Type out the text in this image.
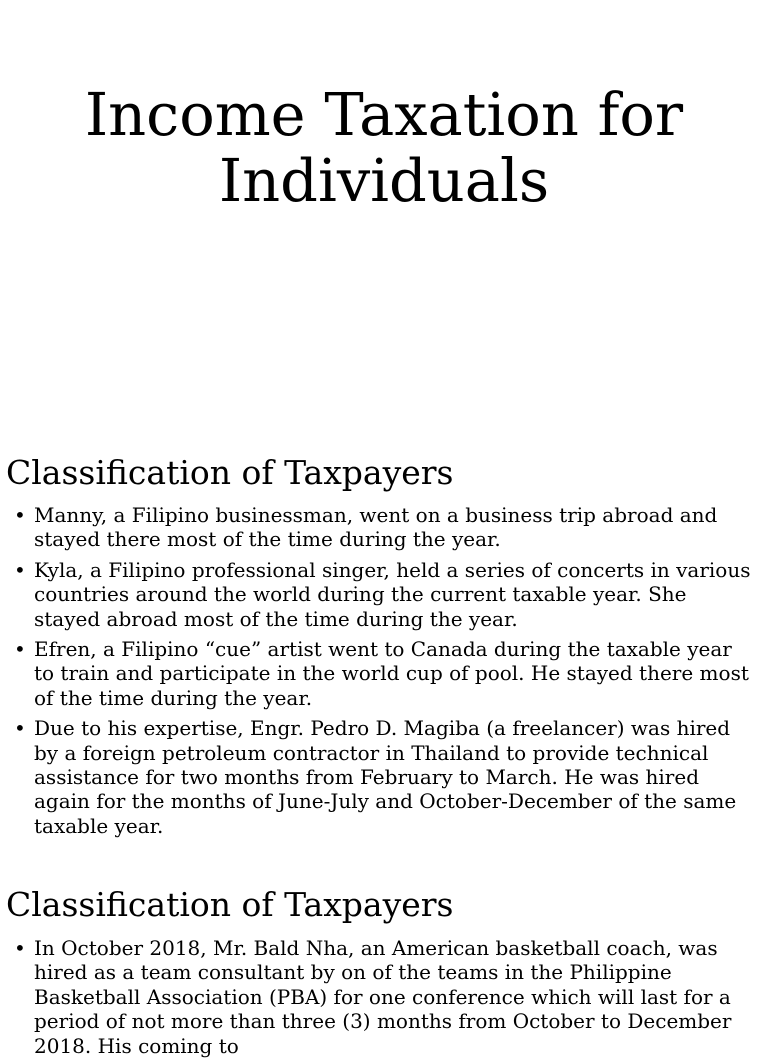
Income Taxation for Individuals
Classification of Taxpayers
• Manny, a Filipino businessman, went on a business trip abroad and stayed there most of the time during the year.
• Kyla, a Filipino professional singer, held a series of concerts in various countries around the world during the current taxable year. She stayed abroad most of the time during the year.
• Efren, a Filipino “cue” artist went to Canada during the taxable year to train and participate in the world cup of pool. He stayed there most of the time during the year.
• Due to his expertise, Engr. Pedro D. Magiba (a freelancer) was hired by a foreign petroleum contractor in Thailand to provide technical assistance for two months from February to March. He was hired again for the months of June-July and October-December of the same taxable year.
Classification of Taxpayers
• In October 2018, Mr. Bald Nha, an American basketball coach, was hired as a team consultant by on of the teams in the Philippine Basketball Association (PBA) for one conference which will last for a period of not more than three (3) months from October to December 2018. His coming to
